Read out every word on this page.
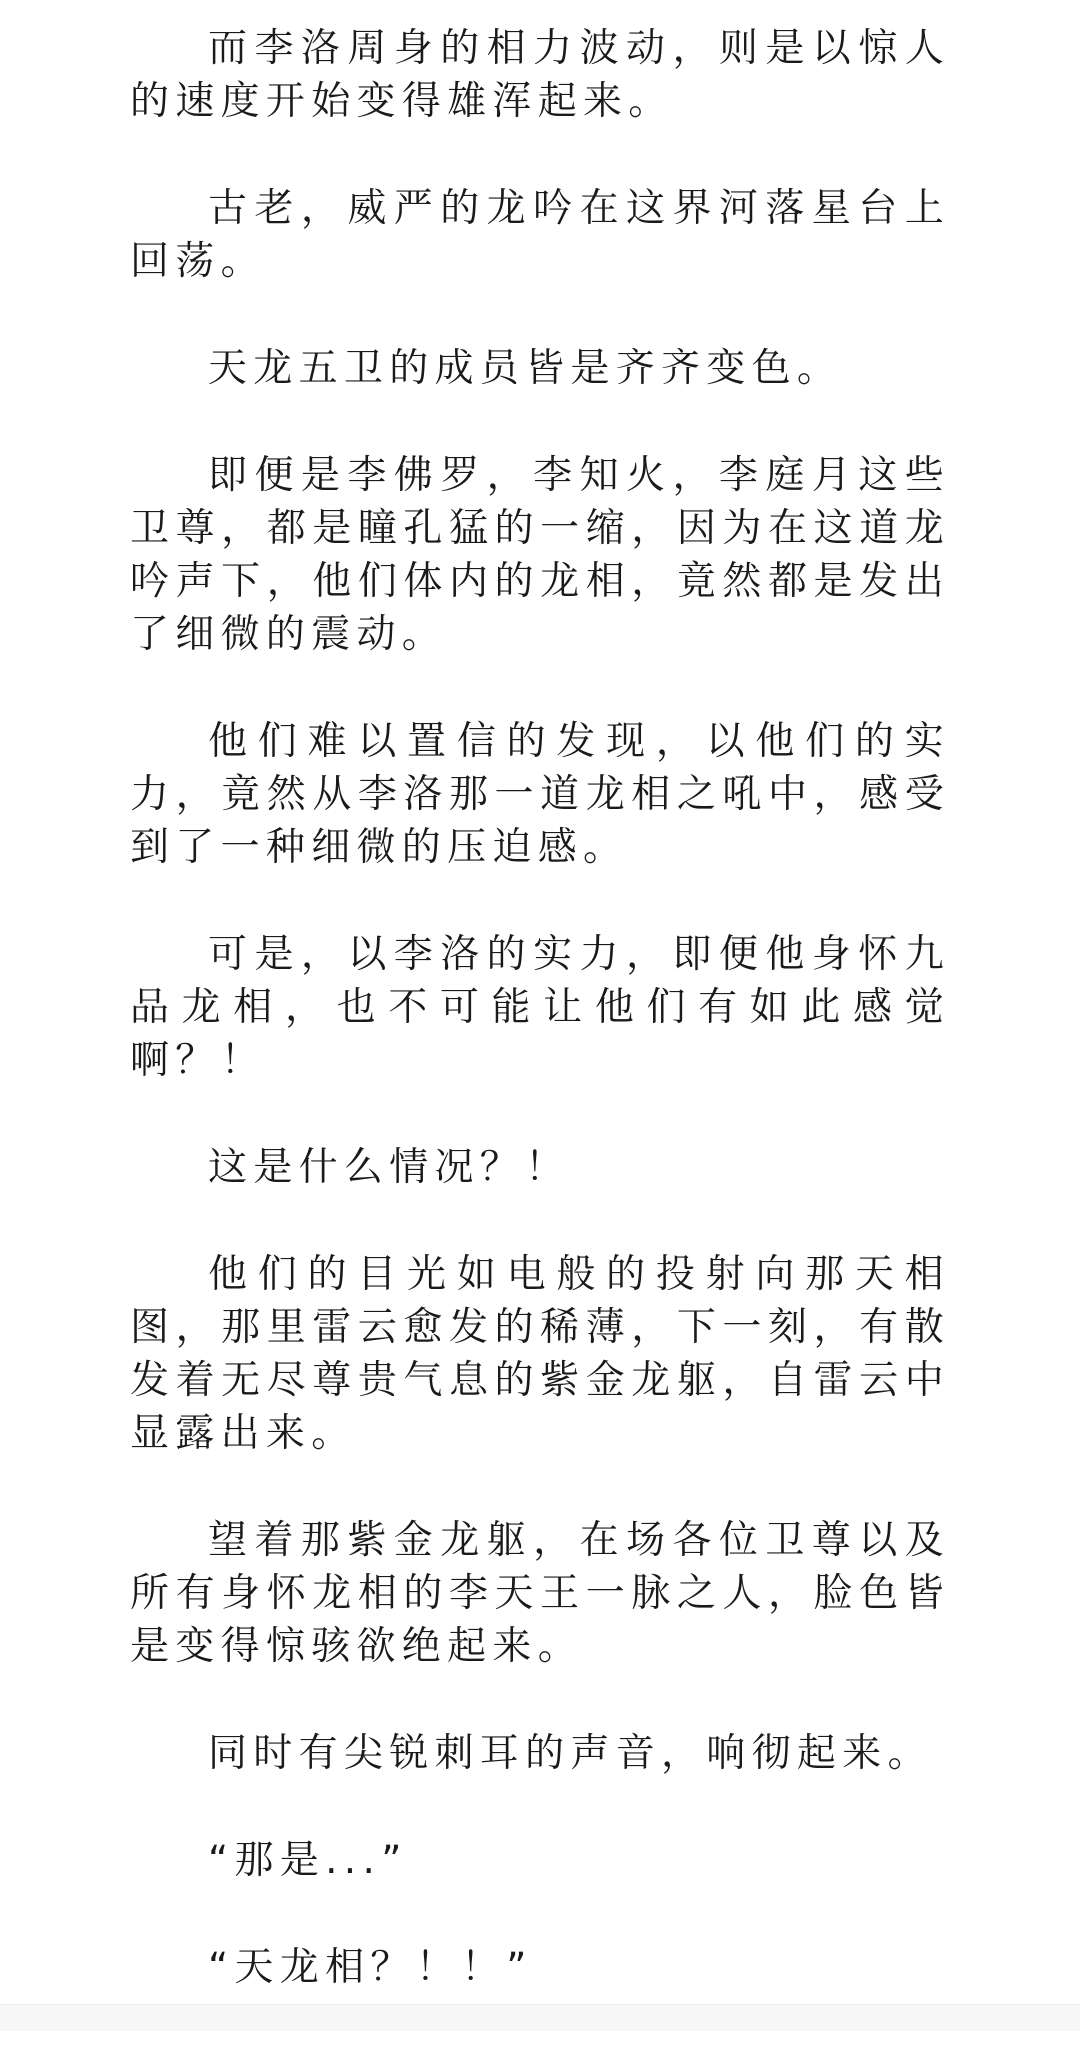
而李洛周身的相力波动，则是以惊人的速度开始变得雄浑起来。

古老，威严的龙吟在这界河落星台上回荡。

天龙五卫的成员皆是齐齐变色。

即便是李佛罗，李知火，李庭月这些卫尊，都是瞳孔猛的一缩，因为在这道龙吟声下，他们体内的龙相，竟然都是发出了细微的震动。

他们难以置信的发现，以他们的实力，竟然从李洛那一道龙相之吼中，感受到了一种细微的压迫感。

可是，以李洛的实力，即便他身怀九品龙相，也不可能让他们有如此感觉啊？！

这是什么情况？！

他们的目光如电般的投射向那天相图，那里雷云愈发的稀薄，下一刻，有散发着无尽尊贵气息的紫金龙躯，自雷云中显露出来。

望着那紫金龙躯，在场各位卫尊以及所有身怀龙相的李天王一脉之人，脸色皆是变得惊骇欲绝起来。

同时有尖锐刺耳的声音，响彻起来。

“那是...”

“天龙相？！！”
